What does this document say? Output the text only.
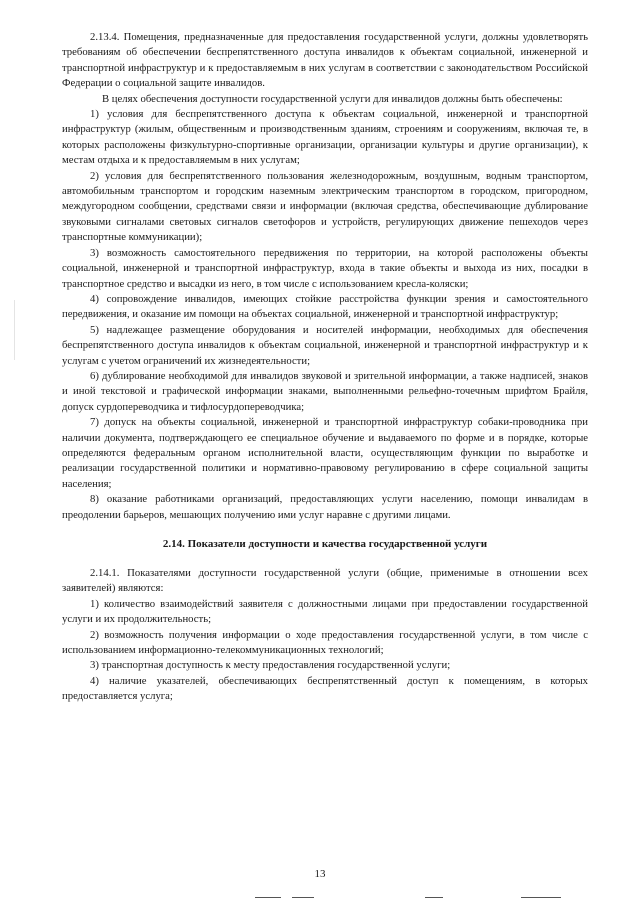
2.13.4. Помещения, предназначенные для предоставления государственной услуги, должны удовлетворять требованиям об обеспечении беспрепятственного доступа инвалидов к объектам социальной, инженерной и транспортной инфраструктур и к предоставляемым в них услугам в соответствии с законодательством Российской Федерации о социальной защите инвалидов.

В целях обеспечения доступности государственной услуги для инвалидов должны быть обеспечены:

1) условия для беспрепятственного доступа к объектам социальной, инженерной и транспортной инфраструктур (жилым, общественным и производственным зданиям, строениям и сооружениям, включая те, в которых расположены физкультурно-спортивные организации, организации культуры и другие организации), к местам отдыха и к предоставляемым в них услугам;

2) условия для беспрепятственного пользования железнодорожным, воздушным, водным транспортом, автомобильным транспортом и городским наземным электрическим транспортом в городском, пригородном, междугородном сообщении, средствами связи и информации (включая средства, обеспечивающие дублирование звуковыми сигналами световых сигналов светофоров и устройств, регулирующих движение пешеходов через транспортные коммуникации);

3) возможность самостоятельного передвижения по территории, на которой расположены объекты социальной, инженерной и транспортной инфраструктур, входа в такие объекты и выхода из них, посадки в транспортное средство и высадки из него, в том числе с использованием кресла-коляски;

4) сопровождение инвалидов, имеющих стойкие расстройства функции зрения и самостоятельного передвижения, и оказание им помощи на объектах социальной, инженерной и транспортной инфраструктур;

5) надлежащее размещение оборудования и носителей информации, необходимых для обеспечения беспрепятственного доступа инвалидов к объектам социальной, инженерной и транспортной инфраструктур и к услугам с учетом ограничений их жизнедеятельности;

6) дублирование необходимой для инвалидов звуковой и зрительной информации, а также надписей, знаков и иной текстовой и графической информации знаками, выполненными рельефно-точечным шрифтом Брайля, допуск сурдопереводчика и тифлосурдопереводчика;

7) допуск на объекты социальной, инженерной и транспортной инфраструктур собаки-проводника при наличии документа, подтверждающего ее специальное обучение и выдаваемого по форме и в порядке, которые определяются федеральным органом исполнительной власти, осуществляющим функции по выработке и реализации государственной политики и нормативно-правовому регулированию в сфере социальной защиты населения;

8) оказание работниками организаций, предоставляющих услуги населению, помощи инвалидам в преодолении барьеров, мешающих получению ими услуг наравне с другими лицами.

2.14. Показатели доступности и качества государственной услуги

2.14.1. Показателями доступности государственной услуги (общие, применимые в отношении всех заявителей) являются:

1) количество взаимодействий заявителя с должностными лицами при предоставлении государственной услуги и их продолжительность;

2) возможность получения информации о ходе предоставления государственной услуги, в том числе с использованием информационно-телекоммуникационных технологий;

3) транспортная доступность к месту предоставления государственной услуги;

4) наличие указателей, обеспечивающих беспрепятственный доступ к помещениям, в которых предоставляется услуга;

13
